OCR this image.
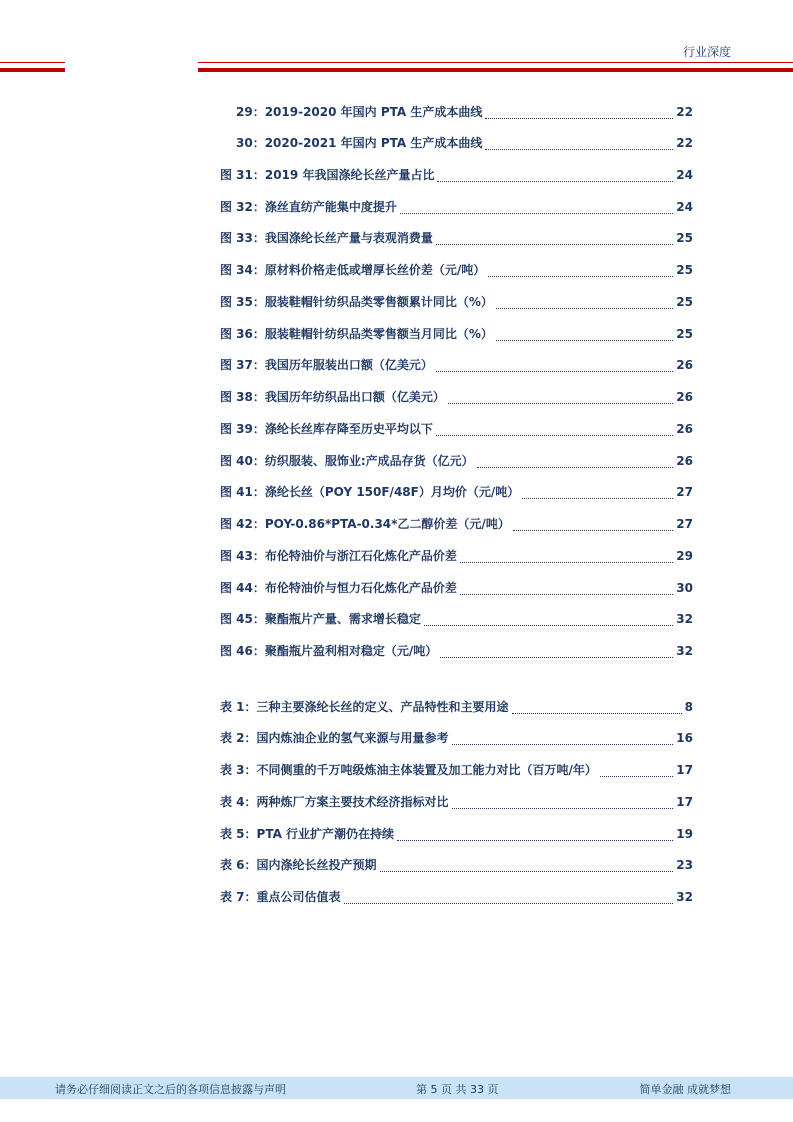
行业深度
29：2019-2020 年国内 PTA 生产成本曲线	22
30：2020-2021 年国内 PTA 生产成本曲线	22
图 31：2019 年我国涤纶长丝产量占比	24
图 32：涤丝直纺产能集中度提升	24
图 33：我国涤纶长丝产量与表观消费量	25
图 34：原材料价格走低或增厚长丝价差（元/吨）	25
图 35：服装鞋帽针纺织品类零售额累计同比（%）	25
图 36：服装鞋帽针纺织品类零售额当月同比（%）	25
图 37：我国历年服装出口额（亿美元）	26
图 38：我国历年纺织品出口额（亿美元）	26
图 39：涤纶长丝库存降至历史平均以下	26
图 40：纺织服装、服饰业:产成品存货（亿元）	26
图 41：涤纶长丝（POY 150F/48F）月均价（元/吨）	27
图 42：POY-0.86*PTA-0.34*乙二醇价差（元/吨）	27
图 43：布伦特油价与浙江石化炼化产品价差	29
图 44：布伦特油价与恒力石化炼化产品价差	30
图 45：聚酯瓶片产量、需求增长稳定	32
图 46：聚酯瓶片盈利相对稳定（元/吨）	32
表 1：三种主要涤纶长丝的定义、产品特性和主要用途	8
表 2：国内炼油企业的氢气来源与用量参考	16
表 3：不同侧重的千万吨级炼油主体装置及加工能力对比（百万吨/年）	17
表 4：两种炼厂方案主要技术经济指标对比	17
表 5：PTA 行业扩产潮仍在持续	19
表 6：国内涤纶长丝投产预期	23
表 7：重点公司估值表	32
请务必仔细阅读正文之后的各项信息披露与声明	第 5 页 共 33 页	简单金融 成就梦想
